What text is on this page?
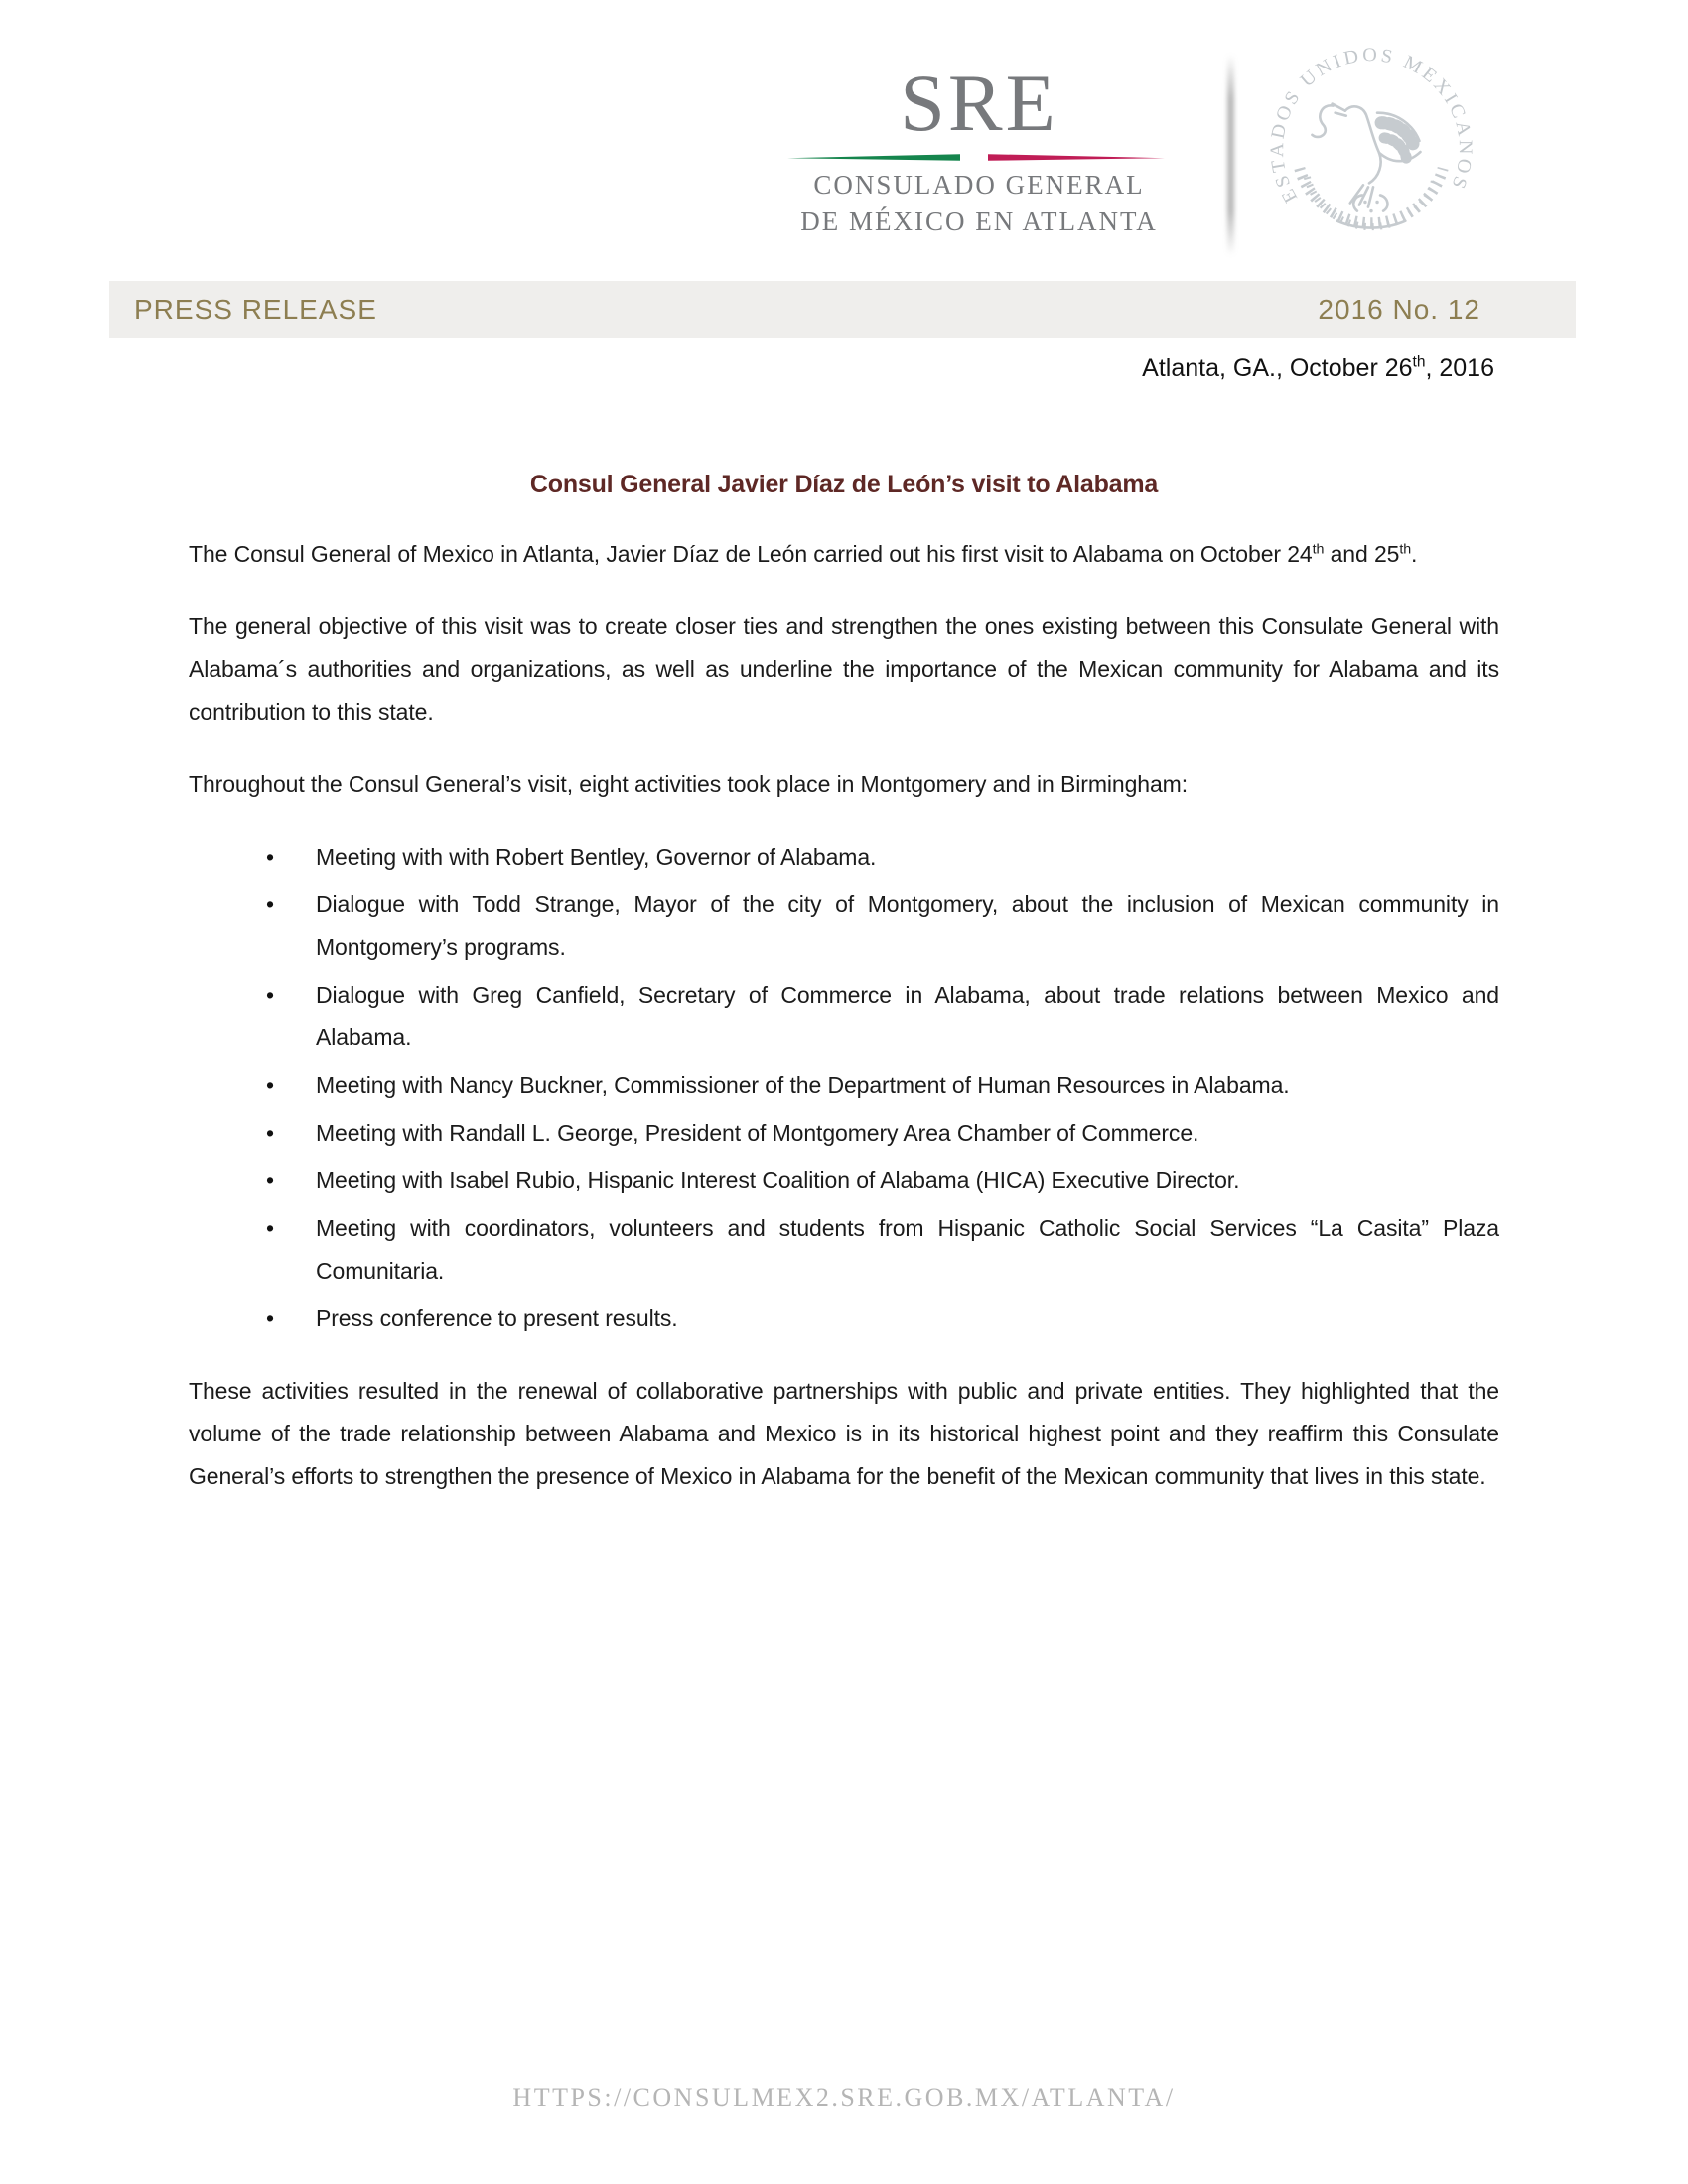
SRE
CONSULADO GENERAL
DE MÉXICO EN ATLANTA
ESTADOS UNIDOS MEXICANOS
PRESS RELEASE	2016 No. 12
Atlanta, GA., October 26th, 2016
Consul General Javier Díaz de León’s visit to Alabama

The Consul General of Mexico in Atlanta, Javier Díaz de León carried out his first visit to Alabama on October 24th and 25th.

The general objective of this visit was to create closer ties and strengthen the ones existing between this Consulate General with Alabama´s authorities and organizations, as well as underline the importance of the Mexican community for Alabama and its contribution to this state.

Throughout the Consul General’s visit, eight activities took place in Montgomery and in Birmingham:

• Meeting with with Robert Bentley, Governor of Alabama.
• Dialogue with Todd Strange, Mayor of the city of Montgomery, about the inclusion of Mexican community in Montgomery’s programs.
• Dialogue with Greg Canfield, Secretary of Commerce in Alabama, about trade relations between Mexico and Alabama.
• Meeting with Nancy Buckner, Commissioner of the Department of Human Resources in Alabama.
• Meeting with Randall L. George, President of Montgomery Area Chamber of Commerce.
• Meeting with Isabel Rubio, Hispanic Interest Coalition of Alabama (HICA) Executive Director.
• Meeting with coordinators, volunteers and students from Hispanic Catholic Social Services “La Casita” Plaza Comunitaria.
• Press conference to present results.

These activities resulted in the renewal of collaborative partnerships with public and private entities. They highlighted that the volume of the trade relationship between Alabama and Mexico is in its historical highest point and they reaffirm this Consulate General’s efforts to strengthen the presence of Mexico in Alabama for the benefit of the Mexican community that lives in this state.

HTTPS://CONSULMEX2.SRE.GOB.MX/ATLANTA/
